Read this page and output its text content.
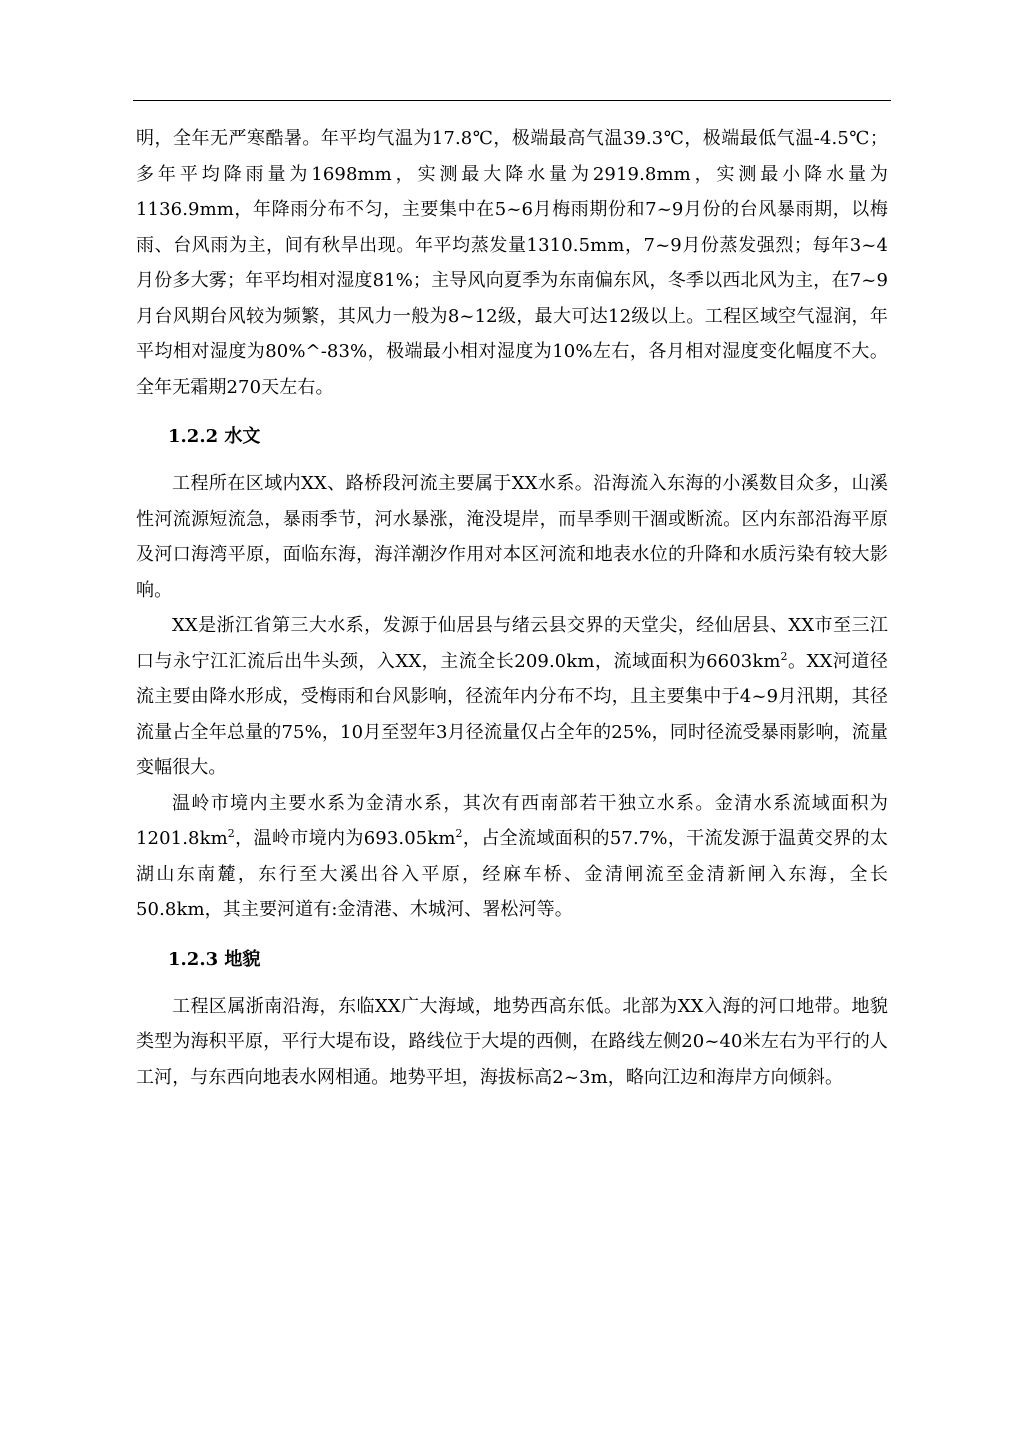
明，全年无严寒酷暑。年平均气温为17.8℃，极端最高气温39.3℃，极端最低气温-4.5℃；多年平均降雨量为1698mm，实测最大降水量为2919.8mm，实测最小降水量为1136.9mm，年降雨分布不匀，主要集中在5~6月梅雨期份和7~9月份的台风暴雨期，以梅雨、台风雨为主，间有秋旱出现。年平均蒸发量1310.5mm，7~9月份蒸发强烈；每年3~4月份多大雾；年平均相对湿度81%；主导风向夏季为东南偏东风，冬季以西北风为主，在7~9月台风期台风较为频繁，其风力一般为8~12级，最大可达12级以上。工程区域空气湿润，年平均相对湿度为80%^-83%，极端最小相对湿度为10%左右，各月相对湿度变化幅度不大。全年无霜期270天左右。

1.2.2 水文

工程所在区域内XX、路桥段河流主要属于XX水系。沿海流入东海的小溪数目众多，山溪性河流源短流急，暴雨季节，河水暴涨，淹没堤岸，而旱季则干涸或断流。区内东部沿海平原及河口海湾平原，面临东海，海洋潮汐作用对本区河流和地表水位的升降和水质污染有较大影响。

XX是浙江省第三大水系，发源于仙居县与绪云县交界的天堂尖，经仙居县、XX市至三江口与永宁江汇流后出牛头颈，入XX，主流全长209.0km，流域面积为$6603km^2$。XX河道径流主要由降水形成，受梅雨和台风影响，径流年内分布不均，且主要集中于4~9月汛期，其径流量占全年总量的75%，10月至翌年3月径流量仅占全年的25%，同时径流受暴雨影响，流量变幅很大。

温岭市境内主要水系为金清水系，其次有西南部若干独立水系。金清水系流域面积为$1201.8km^2$，温岭市境内为$693.05km^2$，占全流域面积的57.7%，干流发源于温黄交界的太湖山东南麓，东行至大溪出谷入平原，经麻车桥、金清闸流至金清新闸入东海，全长50.8km，其主要河道有:金清港、木城河、署松河等。

1.2.3 地貌

工程区属浙南沿海，东临XX广大海域，地势西高东低。北部为XX入海的河口地带。地貌类型为海积平原，平行大堤布设，路线位于大堤的西侧，在路线左侧20~40米左右为平行的人工河，与东西向地表水网相通。地势平坦，海拔标高2~3m，略向江边和海岸方向倾斜。
